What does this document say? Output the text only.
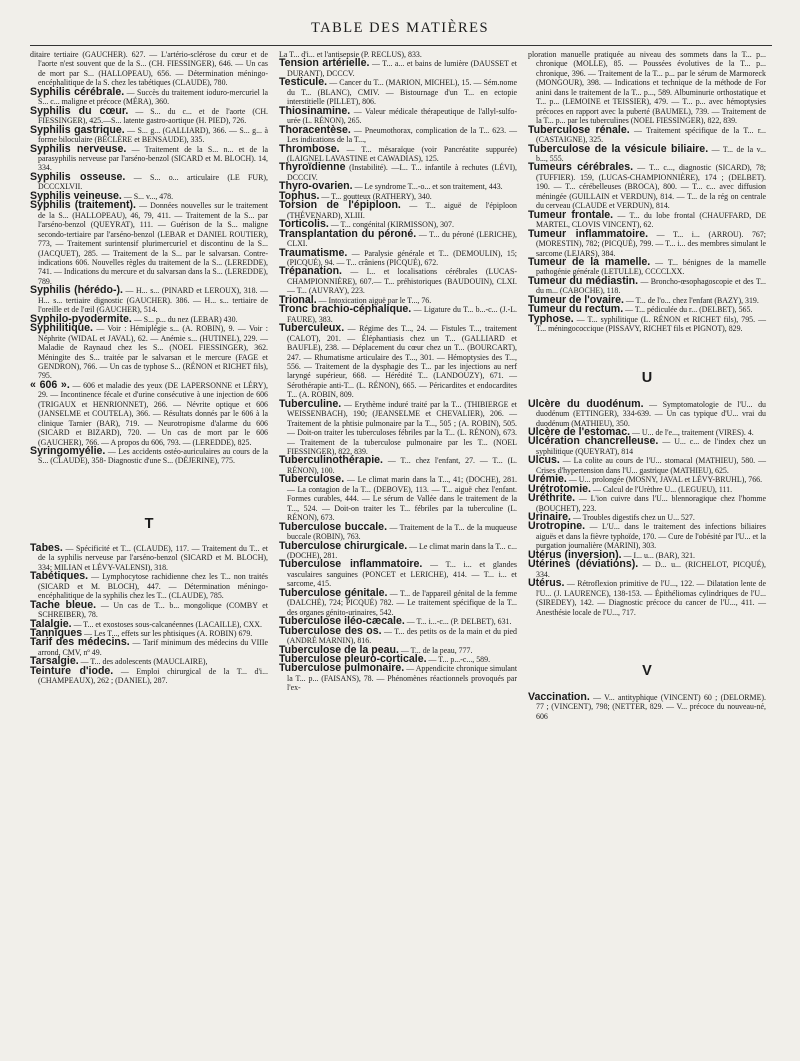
TABLE DES MATIÈRES

ditaire tertiaire (GAUCHER). 627. — L'artério-sclérose du cœur et de l'aorte n'est souvent que de la S... (CH. FIESSINGER), 646. — Un cas de mort par S... (HALLOPEAU), 656. — Détermination méningo-encéphalitique de la S. chez les tabétiques (CLAUDE), 780.

Syphilis cérébrale. — Succès du traitement ioduro-mercuriel la S... c... maligne et précoce (MÉRA), 360.

Syphilis du cœur. — S... du c... et de l'aorte (CH. FIESSINGER), 425.—S... latente gastro-aortique (H. PIED), 726.

Syphilis gastrique. — S... g... (GALLIARD), 366. — S... g... à forme biloculaire (BÉCLÈRE et BENSAUDE), 335.

Syphilis nerveuse. — Traitement de la S... n... et de la parasyphilis nerveuse par l'arséno-benzol (SICARD et M. BLOCH). 14, 334.

Syphilis osseuse. — S... o... articulaire (LE FUR), DCCCXLVII.

Syphilis veineuse. — S... v..., 478.

Syphilis (traitement). — Données nouvelles sur le traitement de la S... (HALLOPEAU), 46, 79, 411. — Traitement de la S... par l'arséno-benzol (QUEYRAT), 111. — Guérison de la S... maligne secondo-tertiaire par l'arséno-benzol (LEBAR et DANIEL ROUTIER), 773, — Traitement surintensif plurimercuriel et discontinu de la S... (JACQUET), 285. — Traitement de la S... par le salvarsan. Contre-indications 606. Nouvelles règles du traitement de la S... (LEREDDE), 741. — Indications du mercure et du salvarsan dans la S... (LEREDDE), 789.

Syphilis (hérédo-). — H... s... (PINARD et LEROUX), 318. — H... s... tertiaire dignostic (GAUCHER). 386. — H... s... tertiaire de l'oreille et de l'œil (GAUCHER), 514.

Syphilo-pyodermite. — S... p... du nez (LEBAR) 430.

Syphilitique. — Voir : Hémiplégie s... (A. ROBIN), 9. — Voir : Néphrite (WIDAL et JAVAL), 62. — Anémie s... (HUTINEL), 229. — Maladie de Raynaud chez les S... (NOEL FIESSINGER), 362. Méningite des S... traitée par le salvarsan et le mercure (FAGE et GENDRON), 766. — Un cas de typhose S... (RÉNON et RICHET fils), 795.

« 606 ». — 606 et maladie des yeux (DE LAPERSONNE et LÉRY), 29. — Incontinence fécale et d'urine consécutive à une injection de 606 (TRIGAUX et HENRIONNET), 266. — Névrite optique et 606 (JANSELME et COUTELA), 366. — Résultats donnés par le 606 à la clinique Tarnier (BAR), 719. — Neurotropisme d'alarme du 606 (SICARD et BIZARD), 720. — Un cas de mort par le 606 (GAUCHER), 766. — A propos du 606, 793. — (LEREDDE), 825.

Syringomyélie. — Les accidents ostéo-auriculaires au cours de la S... (CLAUDE), 358- Diagnostic d'une S... (DÉJERINE), 775.

T

Tabes. — Spécificité et T... (CLAUDE), 117. — Traitement du T... et de la syphilis nerveuse par l'arséno-benzol (SICARD et M. BLOCH), 334; MILIAN et LÉVY-VALENSI), 318.

Tabétiques. — Lymphocytose rachidienne chez les T... non traités (SICARD et M. BLOCH), 447. — Détermination méningo-encéphalitique de la syphilis chez les T... (CLAUDE), 785.

Tache bleue. — Un cas de T... b... mongolique (COMBY et SCHREIBER), 78.

Talalgie. — T... et exostoses sous-calcanéennes (LACAILLE), CXX.

Tanniques — Les T..., effets sur les phtisiques (A. ROBIN) 679.

Tarif des médecins. — Tarif minimum des médecins du VIIIe arrond, CMV, nº 49.

Tarsalgie. — T... des adolescents (MAUCLAIRE),

Teinture d'iode. — Emploi chirurgical de la T... d'i... (CHAMPEAUX), 262 ; (DANIEL), 287.

La T... d'i... et l'antisepsie (P. RECLUS), 833.

Tension artérielle. — T... a... et bains de lumière (DAUSSET et DURANT), DCCCV.

Testicule. — Cancer du T... (MARION, MICHEL), 15. — Sém.nome du T... (BLANC), CMIV. — Bistournage d'un T... en ectopie interstitielle (PILLET), 806.

Thiosinamine. — Valeur médicale thérapeutique de l'allyl-sulfo-urée (L. RÉNON), 265.

Thoracentèse. — Pneumothorax, complication de la T... 623. — Les indications de la T...,

Thrombose. — T... mésaraïque (voir Pancréatite suppurée) (LAIGNEL LAVASTINE et CAWADIAS), 125.

Thyroïdienne (Instabilité). —I... T... infantile à rechutes (LÉVI), DCCCIV.

Thyro-ovarien. — Le syndrome T...-o... et son traitement, 443.

Tophus. — T... goutteux (RATHERY), 340.

Torsion de l'épiploon. — T... aiguë de l'épiploon (THÉVENARD), XLIII.

Torticolis. — T... congénital (KIRMISSON), 307.

Transplantation du péroné. — T... du péroné (LERICHE), CLXI.

Traumatisme. — Paralysie générale et T... (DEMOULIN), 15; (PICQUÉ), 94. — T... crâniens (PICQUÉ), 672.

Trépanation. — I... et localisations cérébrales (LUCAS-CHAMPIONNIÈRE), 607.— T... préhistoriques (BAUDOUIN), CLXI. — T... (AUVRAY), 223.

Trional. — Intoxication aiguë par le T..., 76.

Tronc brachio-céphalique. — Ligature du T... b...-c... (J.-L. FAURE), 383.

Tuberculeux. — Régime des T..., 24. — Fistules T..., traitement (CALOT), 201. — Éléphantiasis chez un T... (GALLIARD et BAUFLE), 238. — Déplacement du cœur chez un T... (BOURCART), 247. — Rhumatisme articulaire des T..., 301. — Hémoptysies des T..., 556. — Traitement de la dysphagie des T... par les injections au nerf laryngé supérieur, 668. — Hérédité T... (LANDOUZY), 671. — Sérothérapie anti-T... (L. RÉNON), 665. — Péricardites et endocardites T... (A. ROBIN, 809.

Tuberculine. — Erythème induré traité par la T... (THIBIERGE et WEISSENBACH), 190; (JEANSELME et CHEVALIER), 206. — Traitement de la phtisie pulmonaire par la T..., 505 ; (A. ROBIN), 505. — Doit-on traiter les tuberculoses fébriles par la T... (L. RÉNON), 673. — Traitement de la tuberculose pulmonaire par les T... (NOEL FIESSINGER), 822, 839.

Tuberculinothérapie. — T... chez l'enfant, 27. — T... (L. RÉNON), 100.

Tuberculose. — Le climat marin dans la T..., 41; (DOCHE), 281. — La contagion de la T... (DEBOVE), 113. — T... aiguë chez l'enfant. Formes curables, 444. — Le sérum de Vallée dans le traitement de la T..., 524. — Doit-on traiter les T... fébriles par la tuberculine (L. RÉNON), 673.

Tuberculose buccale. — Traitement de la T... de la muqueuse buccale (ROBIN), 763.

Tuberculose chirurgicale. — Le climat marin dans la T... c... (DOCHE), 281.

Tuberculose inflammatoire. — T... i... et glandes vasculaires sanguines (PONCET et LERICHE), 414. — T... i... et sarcome, 415.

Tuberculose génitale. — T... de l'appareil génital de la femme (DALCHÉ), 724; PICQUÉ) 782. — Le traitement spécifique de la T... des organes génito-urinaires, 542.

Tuberculose iléo-cæcale. — T... i...-c... (P. DELBET), 631.

Tuberculose des os. — T... des petits os de la main et du pied (ANDRÉ MARNIN), 816.

Tuberculose de la peau. — T... de la peau, 777.

Tuberculose pleuro-corticale. — T... p...-c..., 589.

Tuberculose pulmonaire. — Appendicite chronique simulant la T... p... (FAISANS), 78. — Phénomènes réactionnels provoqués par l'ex-

ploration manuelle pratiquée au niveau des sommets dans la T... p... chronique (MOLLE), 85. — Poussées évolutives de la T... p... chronique, 396. — Traitement de la T... p... par le sérum de Marmoreck (MONGOUR), 398. — Indications et technique de la méthode de For anini dans le traitement de la T... p..., 589. Albuminurie orthostatique et T... p... (LEMOINE et TEISSIER), 479. — T... p... avec hémoptysies précoces en rapport avec la puberté (BAUMEL), 739. — Traitement de la T... p... par les tuberculines (NOEL FIESSINGER), 822, 839.

Tuberculose rénale. — Traitement spécifique de la T... r... (CASTAIGNE), 325.

Tuberculose de la vésicule biliaire. — T... de la v... b..., 555.

Tumeurs cérébrales. — T... c..., diagnostic (SICARD), 78; (TUFFIER). 159, (LUCAS-CHAMPIONNIÈRE), 174 ; (DELBET). 190. — T... cérébelleuses (BROCA), 800. — T... c... avec diffusion méningée (GUILLAIN et VERDUN), 814. — T... de la rég on centrale du cerveau (CLAUDE et VERDUN), 814.

Tumeur frontale. — T... du lobe frontal (CHAUFFARD, DE MARTEL, CLOVIS VINCENT), 62.

Tumeur inflammatoire. — T... i... (ARROU). 767; (MORESTIN), 782; (PICQUÉ), 799. — T... i... des membres simulant le sarcome (LEJARS), 384.

Tumeur de la mamelle. — T... bénignes de la mamelle pathogénie générale (LETULLE), CCCCLXX.

Tumeur du médiastin. — Broncho-œsophagoscopie et des T... du m... (CABOCHE), 118.

Tumeur de l'ovaire. — T... de l'o... chez l'enfant (BAZY), 319.

Tumeur du rectum. — T... pédiculée du r... (DELBET), 565.

Typhose. — T... syphilitique (L. RÉNON et RICHET fils), 795. — T... méningococcique (PISSAVY, RICHET fils et PIGNOT), 829.

U

Ulcère du duodénum. — Symptomatologie de l'U... du duodénum (ETTINGER), 334-639. — Un cas typique d'U... vrai du duodénum (MATHIEU), 350.

Ulcère de l'estomac. — U... de l'e..., traitement (VIRES). 4.

Ulcération chancrelleuse. — U... c... de l'index chez un syphilitique (QUEYRAT), 814

Ulcus. — La colite au cours de l'U... stomacal (MATHIEU), 580. — Crises d'hypertension dans l'U... gastrique (MATHIEU), 625.

Urémie. — U... prolongée (MOSNY, JAVAL et LÉVY-BRUHL), 766.

Urétrotomie. — Calcul de l'Urèthre U... (LEGUEU), 111.

Uréthrite. — L'ion cuivre dans l'U... blennoragique chez l'homme (BOUCHET), 223.

Urinaire. — Troubles digestifs chez un U... 527.

Urotropine. — L'U... dans le traitement des infections biliaires aiguës et dans la fièvre typhoïde, 170. — Cure de l'obésité par l'U... et la purgation journalière (MARINI), 303.

Utérus (inversion). — I... u... (BAR), 321.

Utérines (déviations). — D... u... (RICHELOT, PICQUÉ), 334.

Utérus. — Rétroflexion primitive de l'U..., 122. — Dilatation lente de l'U... (J. LAURENCE), 138-153. — Épithéliomas cylindriques de l'U... (SIREDEY), 142. — Diagnostic précoce du cancer de l'U..., 411. — Anesthésie locale de l'U..., 717.

V

Vaccination. — V... antityphique (VINCENT) 60 ; (DELORME). 77 ; (VINCENT), 798; (NETTER, 829. — V... précoce du nouveau-né, 606
